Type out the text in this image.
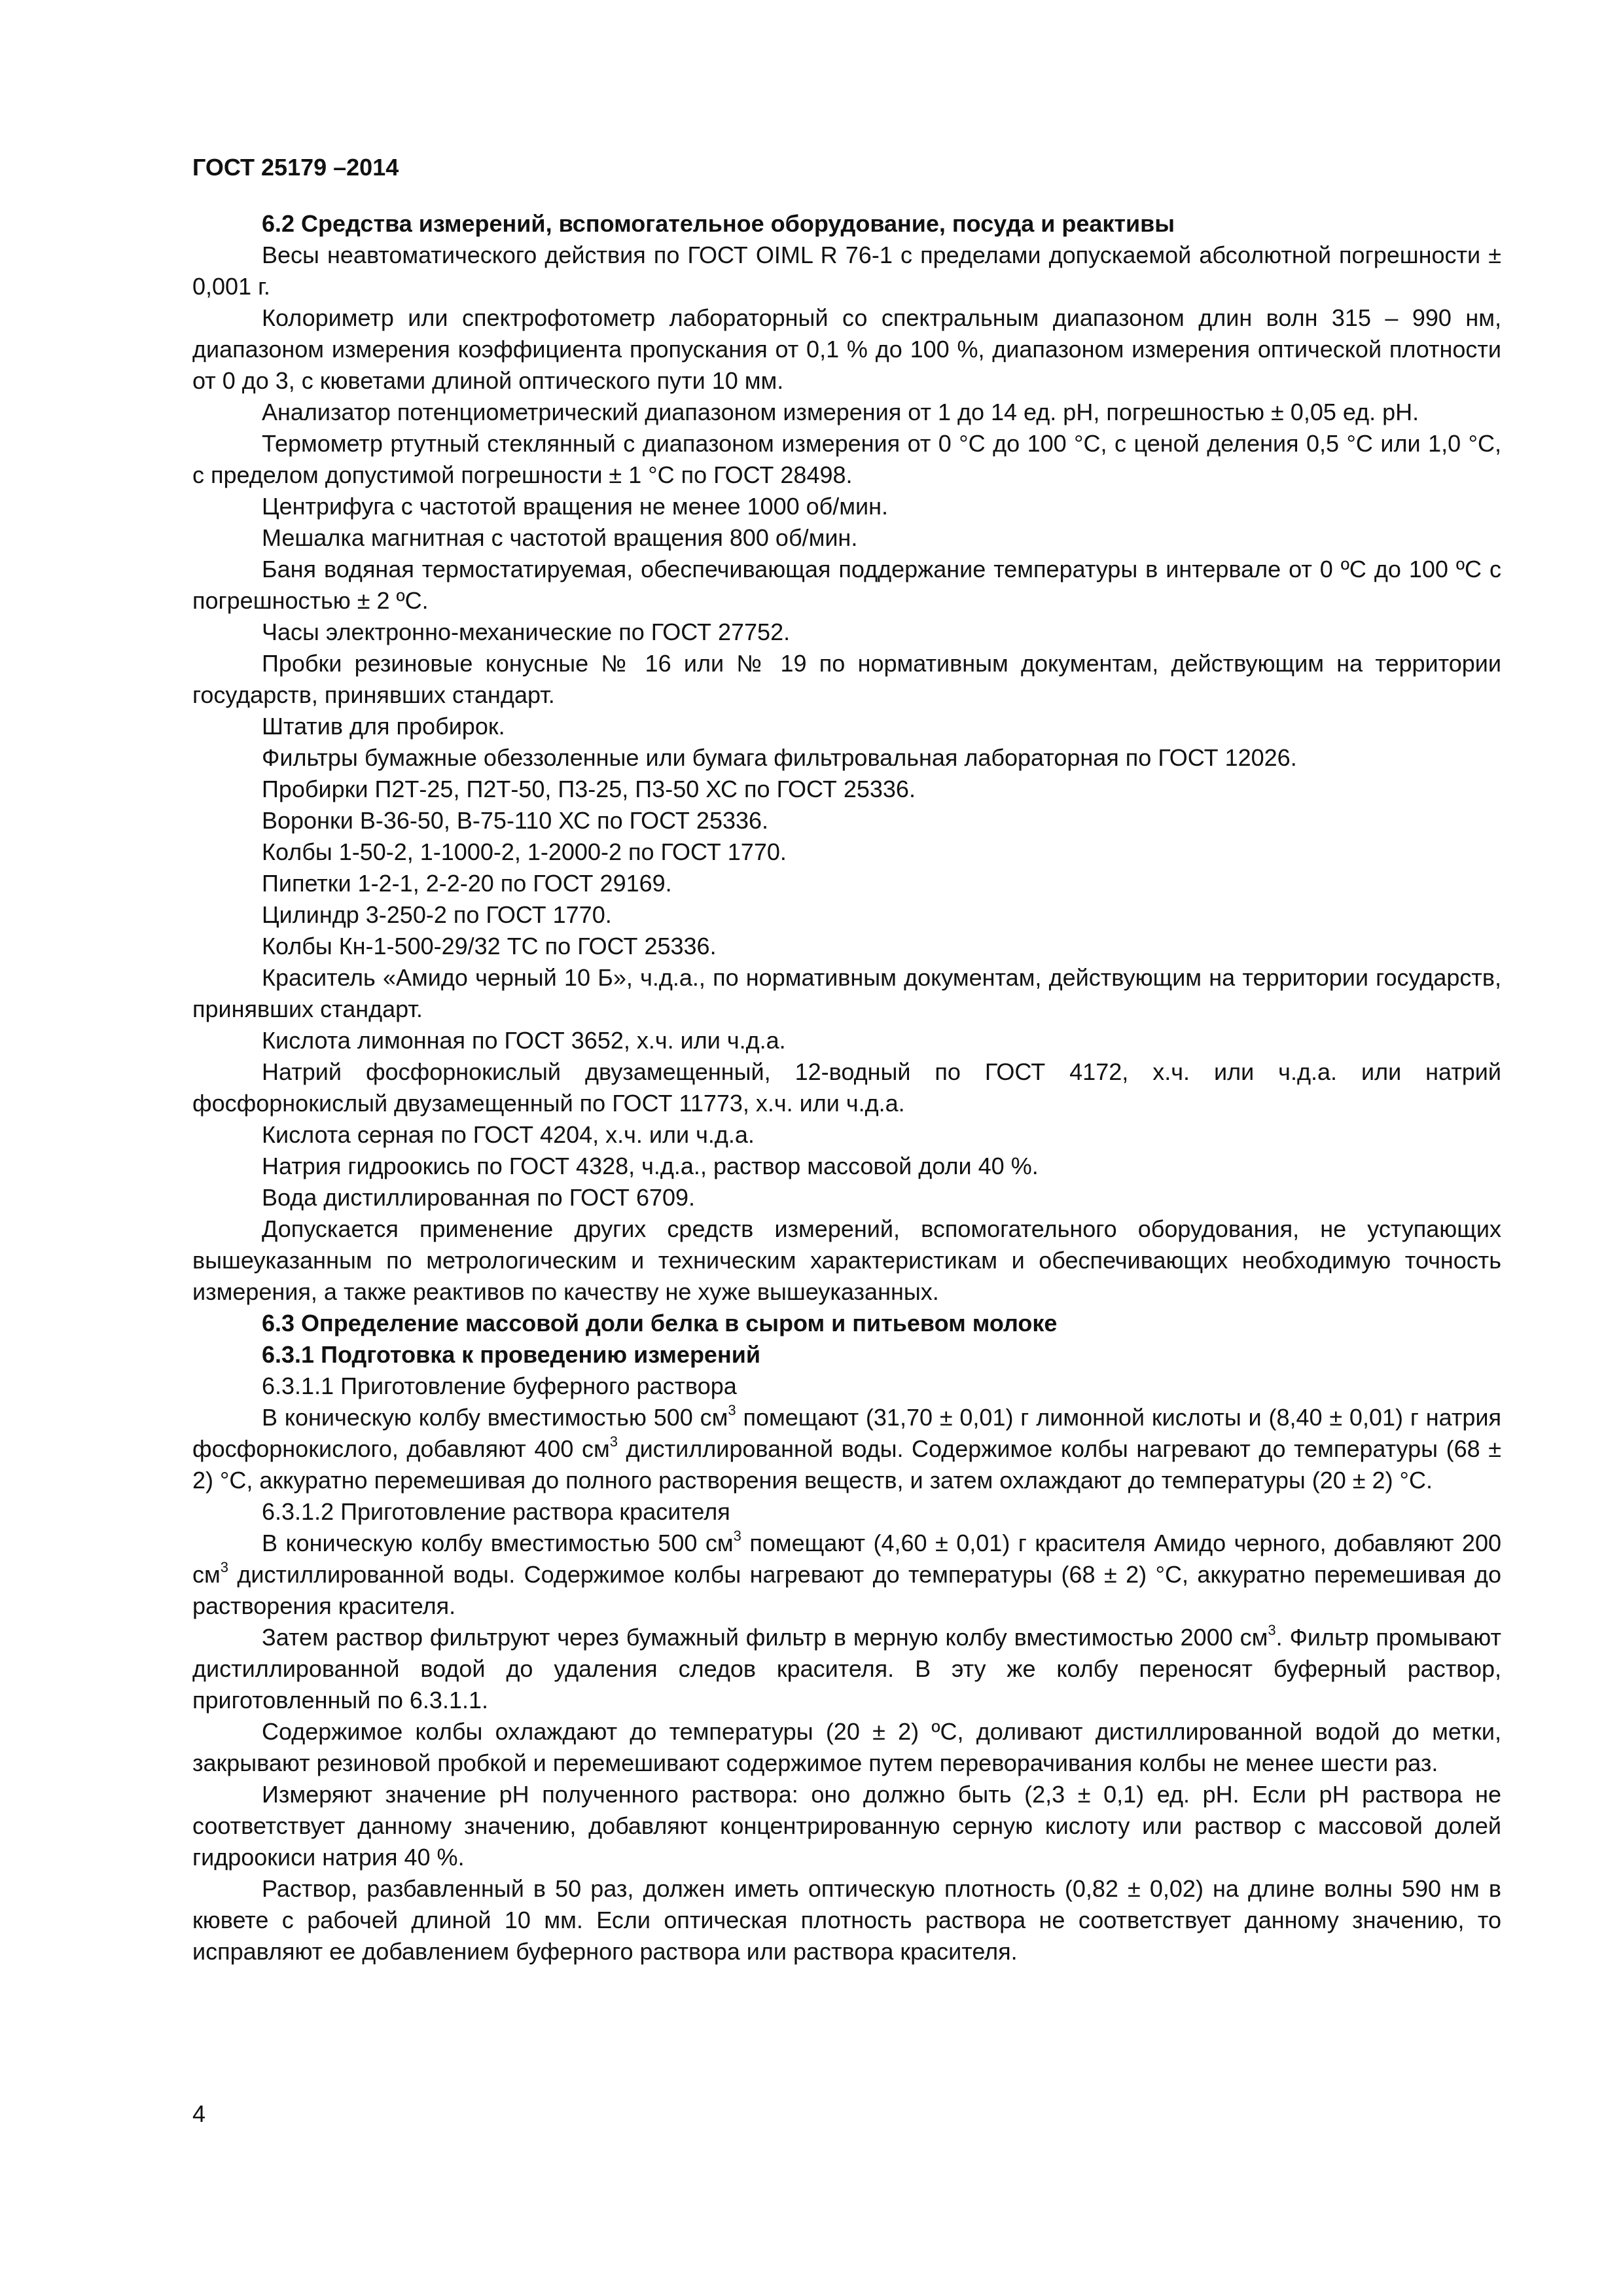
ГОСТ 25179 –2014

6.2 Средства измерений, вспомогательное оборудование, посуда и реактивы

Весы неавтоматического действия по ГОСТ OIML R 76-1 с пределами допускаемой абсолютной погрешности ± 0,001 г.

Колориметр или спектрофотометр лабораторный со спектральным диапазоном длин волн 315 – 990 нм, диапазоном измерения коэффициента пропускания от 0,1 % до 100 %, диапазоном измерения оптической плотности от 0 до 3, с кюветами длиной оптического пути 10 мм.

Анализатор потенциометрический диапазоном измерения от 1 до 14 ед. pH, погрешностью ± 0,05 ед. pH.

Термометр ртутный стеклянный с диапазоном измерения от 0 °С до 100 °С, с ценой деления 0,5 °С или 1,0 °С, с пределом допустимой погрешности ± 1 °С по ГОСТ 28498.

Центрифуга с частотой вращения не менее 1000 об/мин.

Мешалка магнитная с частотой вращения 800 об/мин.

Баня водяная термостатируемая, обеспечивающая поддержание температуры в интервале от 0 ºС до 100 ºС с погрешностью ± 2 ºС.

Часы электронно-механические по ГОСТ 27752.

Пробки резиновые конусные № 16 или № 19 по нормативным документам, действующим на территории государств, принявших стандарт.

Штатив для пробирок.

Фильтры бумажные обеззоленные или бумага фильтровальная лабораторная по ГОСТ 12026.

Пробирки П2Т-25, П2Т-50, П3-25, П3-50 ХС по ГОСТ 25336.

Воронки В-36-50, В-75-110 ХС по ГОСТ 25336.

Колбы 1-50-2, 1-1000-2, 1-2000-2 по ГОСТ 1770.

Пипетки 1-2-1, 2-2-20 по ГОСТ 29169.

Цилиндр 3-250-2 по ГОСТ 1770.

Колбы Кн-1-500-29/32 ТС по ГОСТ 25336.

Краситель «Амидо черный 10 Б», ч.д.а., по нормативным документам, действующим на территории государств, принявших стандарт.

Кислота лимонная по ГОСТ 3652, х.ч. или ч.д.а.

Натрий фосфорнокислый двузамещенный, 12-водный по ГОСТ 4172, х.ч. или ч.д.а. или натрий фосфорнокислый двузамещенный по ГОСТ 11773, х.ч. или ч.д.а.

Кислота серная по ГОСТ 4204, х.ч. или ч.д.а.

Натрия гидроокись по ГОСТ 4328, ч.д.а., раствор массовой доли 40 %.

Вода дистиллированная по ГОСТ 6709.

Допускается применение других средств измерений, вспомогательного оборудования, не уступающих вышеуказанным по метрологическим и техническим характеристикам и обеспечивающих необходимую точность измерения, а также реактивов по качеству не хуже вышеуказанных.

6.3 Определение массовой доли белка в сыром и питьевом молоке

6.3.1 Подготовка к проведению измерений

6.3.1.1 Приготовление буферного раствора

В коническую колбу вместимостью 500 $см^3$ помещают (31,70 ± 0,01) г лимонной кислоты и (8,40 ± 0,01) г натрия фосфорнокислого, добавляют 400 $см^3$ дистиллированной воды. Содержимое колбы нагревают до температуры (68 ± 2) °С, аккуратно перемешивая до полного растворения веществ, и затем охлаждают до температуры (20 ± 2) °С.

6.3.1.2 Приготовление раствора красителя

В коническую колбу вместимостью 500 $см^3$ помещают (4,60 ± 0,01) г красителя Амидо черного, добавляют 200 $см^3$ дистиллированной воды. Содержимое колбы нагревают до температуры (68 ± 2) °С, аккуратно перемешивая до растворения красителя.

Затем раствор фильтруют через бумажный фильтр в мерную колбу вместимостью 2000 $см^3$. Фильтр промывают дистиллированной водой до удаления следов красителя. В эту же колбу переносят буферный раствор, приготовленный по 6.3.1.1.

Содержимое колбы охлаждают до температуры (20 ± 2) ºС, доливают дистиллированной водой до метки, закрывают резиновой пробкой и перемешивают содержимое путем переворачивания колбы не менее шести раз.

Измеряют значение pH полученного раствора: оно должно быть (2,3 ± 0,1) ед. pH. Если pH раствора не соответствует данному значению, добавляют концентрированную серную кислоту или раствор с массовой долей гидроокиси натрия 40 %.

Раствор, разбавленный в 50 раз, должен иметь оптическую плотность (0,82 ± 0,02) на длине волны 590 нм в кювете с рабочей длиной 10 мм. Если оптическая плотность раствора не соответствует данному значению, то исправляют ее добавлением буферного раствора или раствора красителя.

4
